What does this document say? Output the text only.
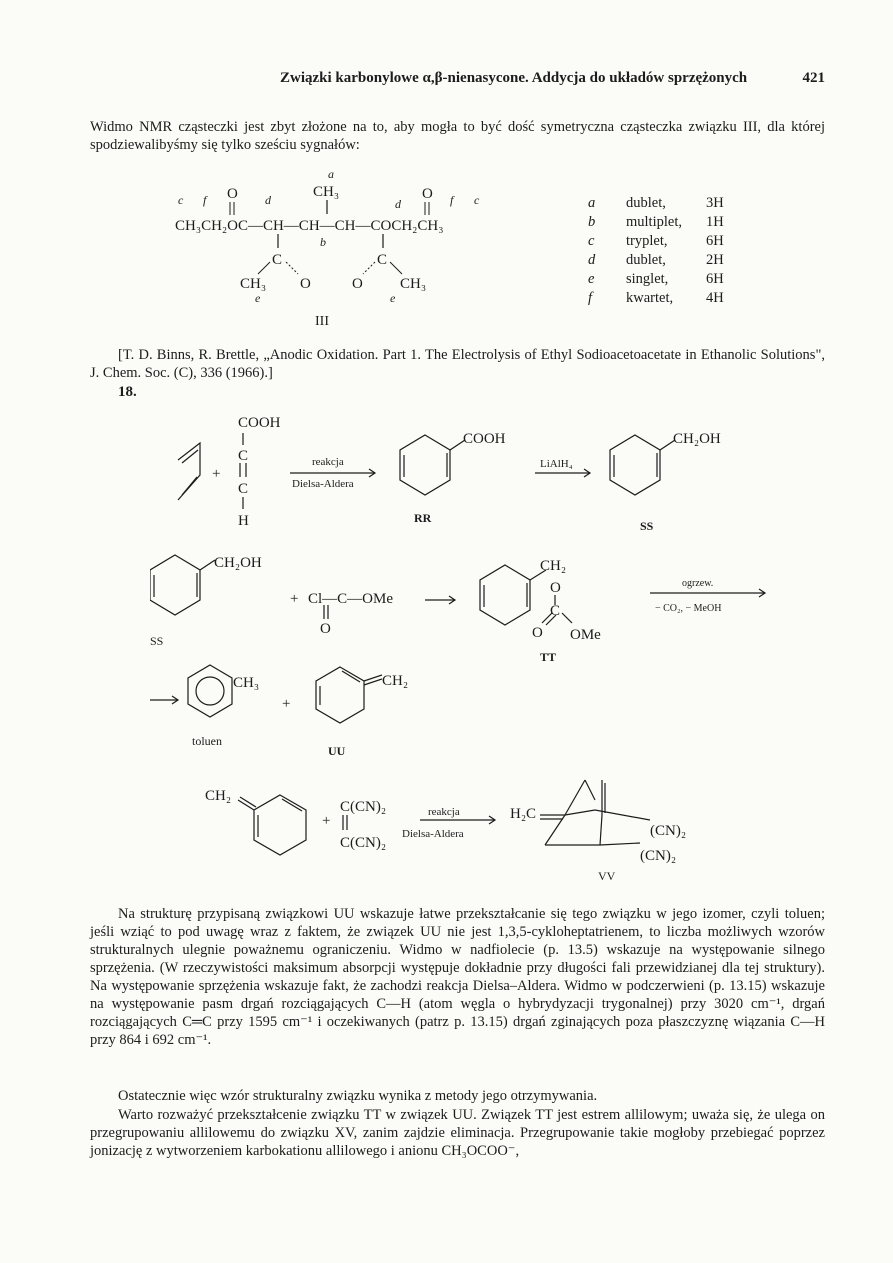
Związki karbonylowe α,β-nienasycone. Addycja do układów sprzężonych	421
Widmo NMR cząsteczki jest zbyt złożone na to, aby mogła to być dość symetryczna cząsteczka związku III, dla której spodziewalibyśmy się tylko sześciu sygnałów:
a
CH₃
c f O d	d
O f c
CH₃CH₂OC—CH—CH—CH—COCH₂CH₃
b
C	C
CH₃ O	O CH₃
e	e
III
a dublet,	3H
b multiplet, 1H
c tryplet,	6H
d dublet,	2H
e singlet,	6H
f kwartet, 4H
[T. D. Binns, R. Brettle, „Anodic Oxidation. Part 1. The Electrolysis of Ethyl Sodioacetoacetate in Ethanolic Solutions", J. Chem. Soc. (C), 336 (1966).]
18.
COOH
C
C
H
+
reakcja
Dielsa-Aldera
COOH
RR
LiAlH₄
CH₂OH
SS
CH₂OH
SS
+ Cl—C—OMe
O
CH₂
O
C
O OMe
TT
ogrzew.
− CO₂, − MeOH
CH₃
toluen
+
CH₂
UU
CH₂
+
C(CN)₂
C(CN)₂
reakcja
Dielsa-Aldera
H₂C
(CN)₂
(CN)₂
VV
Na strukturę przypisaną związkowi UU wskazuje łatwe przekształcanie się tego związku w jego izomer, czyli toluen; jeśli wziąć to pod uwagę wraz z faktem, że związek UU nie jest 1,3,5-cykloheptatrienem, to liczba możliwych wzorów strukturalnych ulegnie poważnemu ograniczeniu. Widmo w nadfiolecie (p. 13.5) wskazuje na występowanie silnego sprzężenia. (W rzeczywistości maksimum absorpcji występuje dokładnie przy długości fali przewidzianej dla tej struktury). Na występowanie sprzężenia wskazuje fakt, że zachodzi reakcja Dielsa–Aldera. Widmo w podczerwieni (p. 13.15) wskazuje na występowanie pasm drgań rozciągających C—H (atom węgla o hybrydyzacji trygonalnej) przy 3020 cm⁻¹, drgań rozciągających C═C przy 1595 cm⁻¹ i oczekiwanych (patrz p. 13.15) drgań zginających poza płaszczyznę wiązania C—H przy 864 i 692 cm⁻¹.
Ostatecznie więc wzór strukturalny związku wynika z metody jego otrzymywania.
Warto rozważyć przekształcenie związku TT w związek UU. Związek TT jest estrem allilowym; uważa się, że ulega on przegrupowaniu allilowemu do związku XV, zanim zajdzie eliminacja. Przegrupowanie takie mogłoby przebiegać poprzez jonizację z wytworzeniem karbokationu allilowego i anionu CH₃OCOO⁻,
